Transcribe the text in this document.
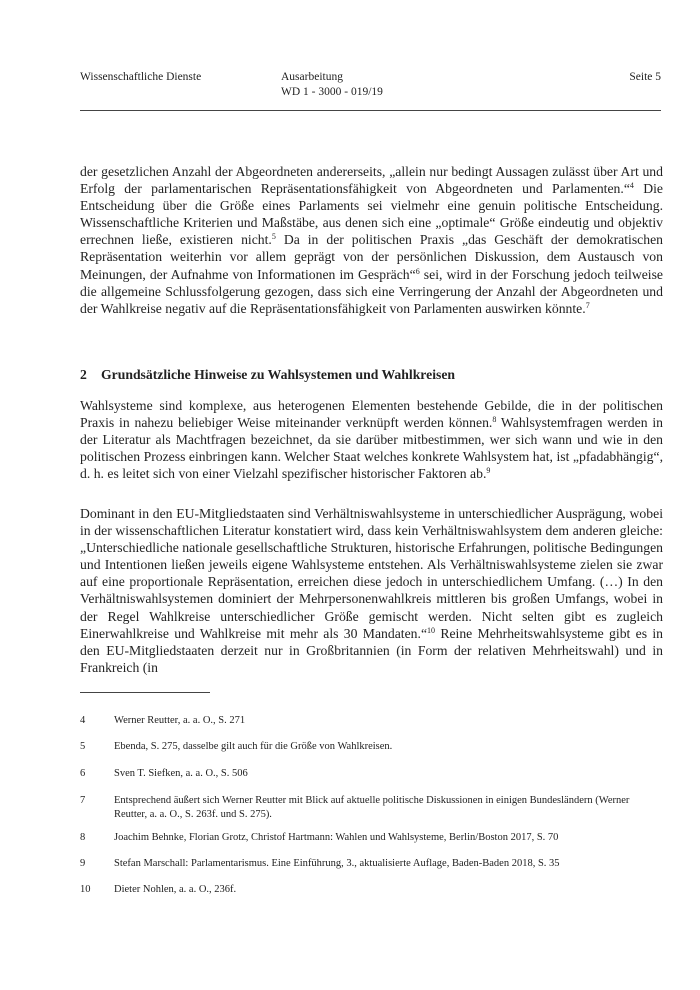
Wissenschaftliche Dienste	Ausarbeitung
WD 1 - 3000 - 019/19
Seite 5

der gesetzlichen Anzahl der Abgeordneten andererseits, „allein nur bedingt Aussagen zulässt über Art und Erfolg der parlamentarischen Repräsentationsfähigkeit von Abgeordneten und Parlamenten.“$^4$ Die Entscheidung über die Größe eines Parlaments sei vielmehr eine genuin politische Entscheidung. Wissenschaftliche Kriterien und Maßstäbe, aus denen sich eine „optimale“ Größe eindeutig und objektiv errechnen ließe, existieren nicht.$^5$ Da in der politischen Praxis „das Geschäft der demokratischen Repräsentation weiterhin vor allem geprägt von der persönlichen Diskussion, dem Austausch von Meinungen, der Aufnahme von Informationen im Gespräch“$^6$ sei, wird in der Forschung jedoch teilweise die allgemeine Schlussfolgerung gezogen, dass sich eine Verringerung der Anzahl der Abgeordneten und der Wahlkreise negativ auf die Repräsentationsfähigkeit von Parlamenten auswirken könnte.$^7$

2 Grundsätzliche Hinweise zu Wahlsystemen und Wahlkreisen

Wahlsysteme sind komplexe, aus heterogenen Elementen bestehende Gebilde, die in der politischen Praxis in nahezu beliebiger Weise miteinander verknüpft werden können.$^8$ Wahlsystemfragen werden in der Literatur als Machtfragen bezeichnet, da sie darüber mitbestimmen, wer sich wann und wie in den politischen Prozess einbringen kann. Welcher Staat welches konkrete Wahlsystem hat, ist „pfadabhängig“, d. h. es leitet sich von einer Vielzahl spezifischer historischer Faktoren ab.$^9$

Dominant in den EU-Mitgliedstaaten sind Verhältniswahlsysteme in unterschiedlicher Ausprägung, wobei in der wissenschaftlichen Literatur konstatiert wird, dass kein Verhältniswahlsystem dem anderen gleiche: „Unterschiedliche nationale gesellschaftliche Strukturen, historische Erfahrungen, politische Bedingungen und Intentionen ließen jeweils eigene Wahlsysteme entstehen. Als Verhältniswahlsysteme zielen sie zwar auf eine proportionale Repräsentation, erreichen diese jedoch in unterschiedlichem Umfang. (…) In den Verhältniswahlsystemen dominiert der Mehrpersonenwahlkreis mittleren bis großen Umfangs, wobei in der Regel Wahlkreise unterschiedlicher Größe gemischt werden. Nicht selten gibt es zugleich Einerwahlkreise und Wahlkreise mit mehr als 30 Mandaten.“$^{10}$ Reine Mehrheitswahlsysteme gibt es in den EU-Mitgliedstaaten derzeit nur in Großbritannien (in Form der relativen Mehrheitswahl) und in Frankreich (in

4	Werner Reutter, a. a. O., S. 271
5	Ebenda, S. 275, dasselbe gilt auch für die Größe von Wahlkreisen.
6	Sven T. Siefken, a. a. O., S. 506
7	Entsprechend äußert sich Werner Reutter mit Blick auf aktuelle politische Diskussionen in einigen Bundesländern (Werner Reutter, a. a. O., S. 263f. und S. 275).
8	Joachim Behnke, Florian Grotz, Christof Hartmann: Wahlen und Wahlsysteme, Berlin/Boston 2017, S. 70
9	Stefan Marschall: Parlamentarismus. Eine Einführung, 3., aktualisierte Auflage, Baden-Baden 2018, S. 35
10 Dieter Nohlen, a. a. O., 236f.
